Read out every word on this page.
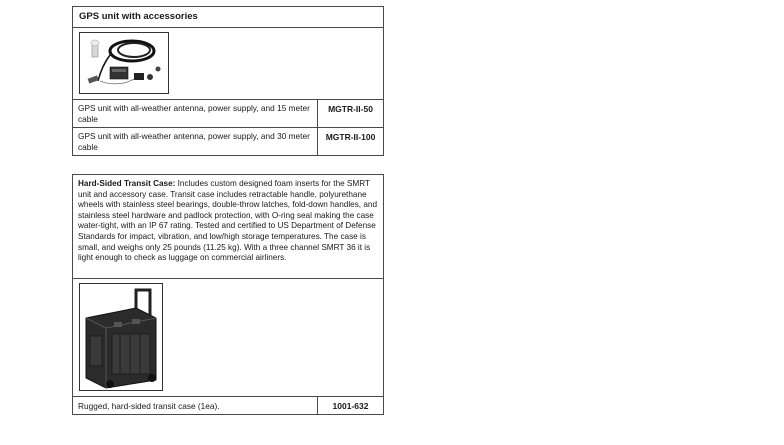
GPS unit with accessories
GPS unit with all-weather antenna, power supply, and 15 meter cable
MGTR-II-50
GPS unit with all-weather antenna, power supply, and 30 meter cable
MGTR-II-100
Hard-Sided Transit Case: Includes custom designed foam inserts for the SMRT unit and accessory case. Transit case includes retractable handle, polyurethane wheels with stainless steel bearings, double-throw latches, fold-down handles, and stainless steel hardware and padlock protection, with O-ring seal making the case water-tight, with an IP 67 rating. Tested and certified to US Department of Defense Standards for impact, vibration, and low/high storage temperatures. The case is small, and weighs only 25 pounds (11.25 kg). With a three channel SMRT 36 it is light enough to check as luggage on commercial airliners.
Rugged, hard-sided transit case (1ea).	1001-632
